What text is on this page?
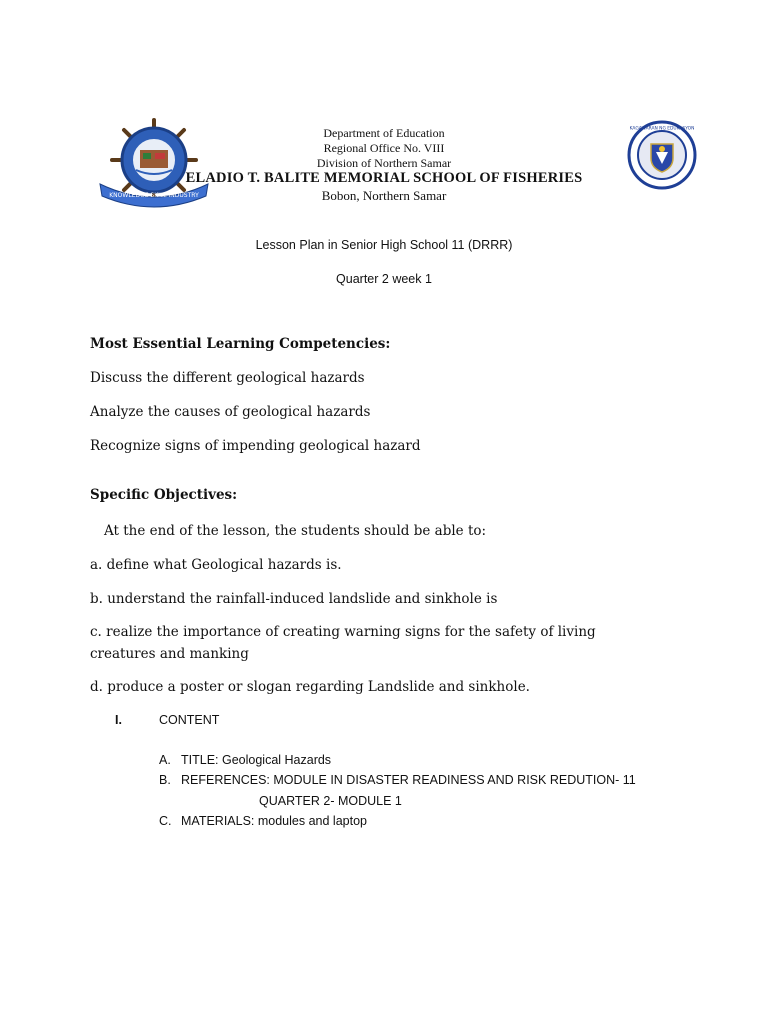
KNOWLEDGE SKILL INDUSTRY
KAGAWARAN NG EDUKASYON
Department of Education
Regional Office No. VIII
Division of Northern Samar
ELADIO T. BALITE MEMORIAL SCHOOL OF FISHERIES
Bobon, Northern Samar
Lesson Plan in Senior High School 11 (DRRR)
Quarter 2 week 1
Most Essential Learning Competencies:
Discuss the different geological hazards
Analyze the causes of geological hazards
Recognize signs of impending geological hazard
Specific Objectives:
At the end of the lesson, the students should be able to:
a. define what Geological hazards is.
b. understand the rainfall-induced landslide and sinkhole is
c. realize the importance of creating warning signs for the safety of living creatures and manking
d. produce a poster or slogan regarding Landslide and sinkhole.
I.	CONTENT
A. TITLE: Geological Hazards
B. REFERENCES: MODULE IN DISASTER READINESS AND RISK REDUTION- 11
QUARTER 2- MODULE 1
C. MATERIALS: modules and laptop
